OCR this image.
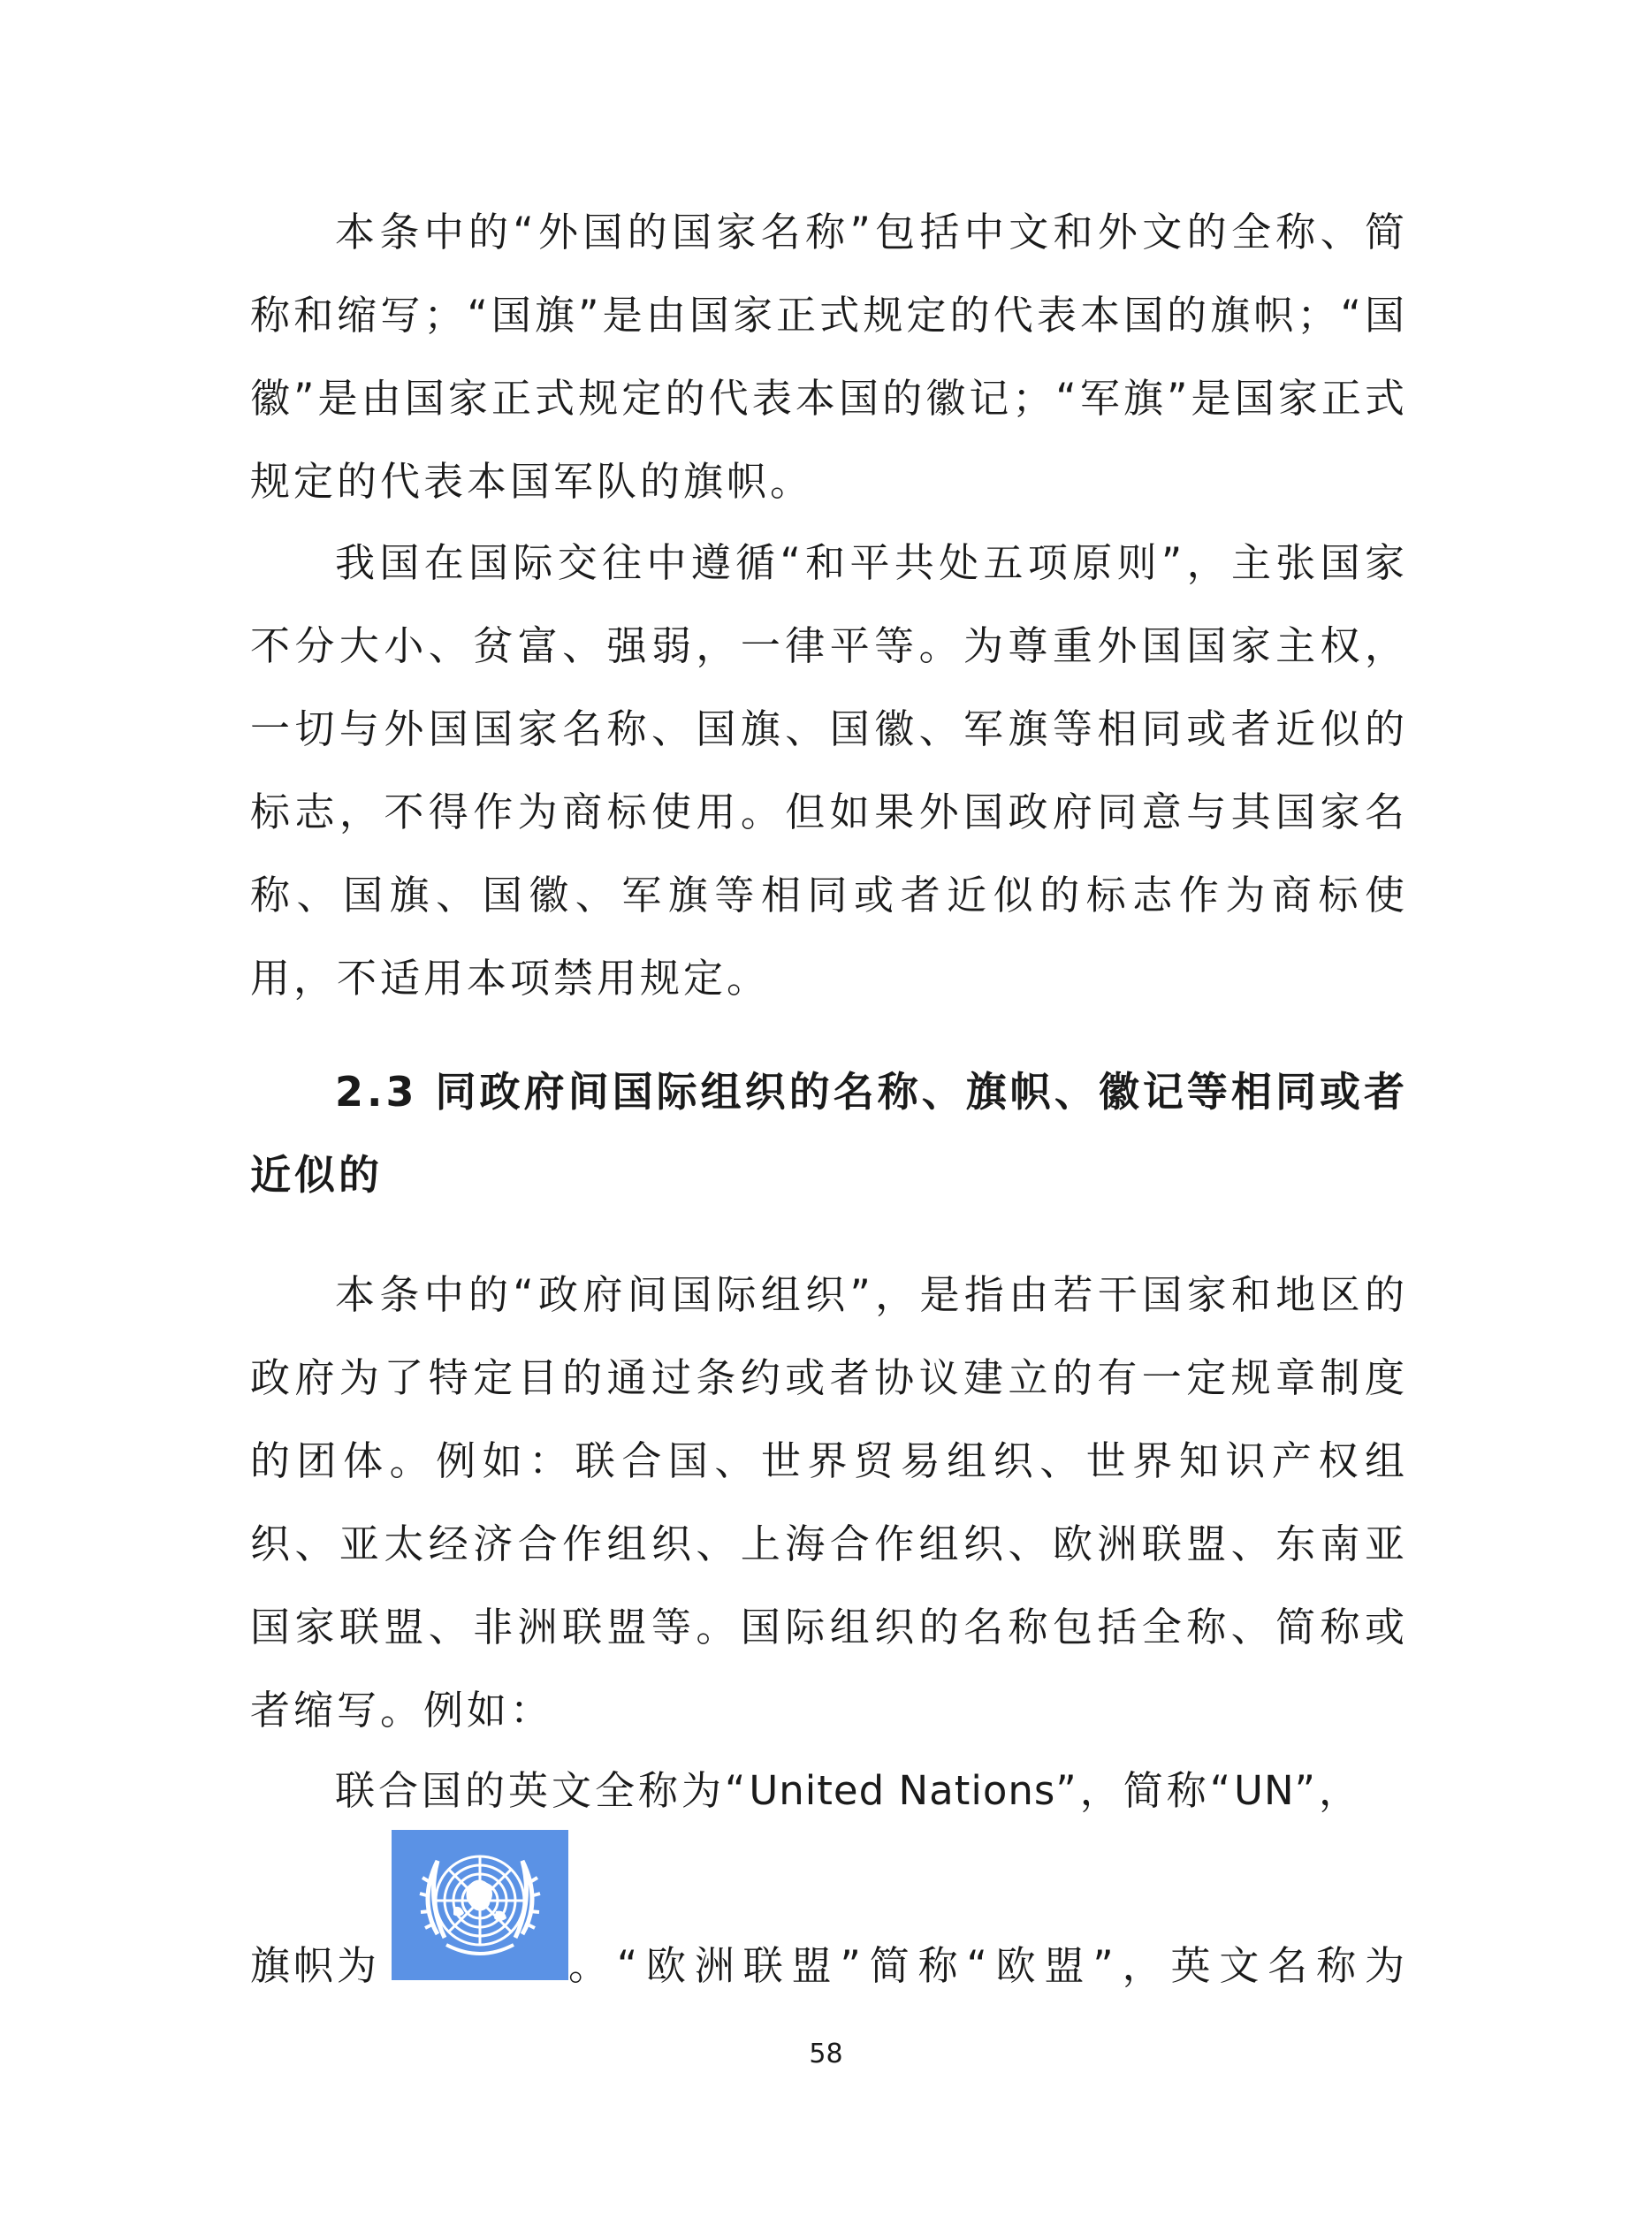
本条中的“外国的国家名称”包括中文和外文的全称、简称和缩写；“国旗”是由国家正式规定的代表本国的旗帜；“国徽”是由国家正式规定的代表本国的徽记；“军旗”是国家正式规定的代表本国军队的旗帜。
我国在国际交往中遵循“和平共处五项原则”，主张国家不分大小、贫富、强弱，一律平等。为尊重外国国家主权，一切与外国国家名称、国旗、国徽、军旗等相同或者近似的标志，不得作为商标使用。但如果外国政府同意与其国家名称、国旗、国徽、军旗等相同或者近似的标志作为商标使用，不适用本项禁用规定。
2.3 同政府间国际组织的名称、旗帜、徽记等相同或者近似的
本条中的“政府间国际组织”，是指由若干国家和地区的政府为了特定目的通过条约或者协议建立的有一定规章制度的团体。例如：联合国、世界贸易组织、世界知识产权组织、亚太经济合作组织、上海合作组织、欧洲联盟、东南亚国家联盟、非洲联盟等。国际组织的名称包括全称、简称或者缩写。例如：
联合国的英文全称为“United Nations”，简称“UN”，
旗帜为	。“欧洲联盟”简称“欧盟”，英文名称为
58
